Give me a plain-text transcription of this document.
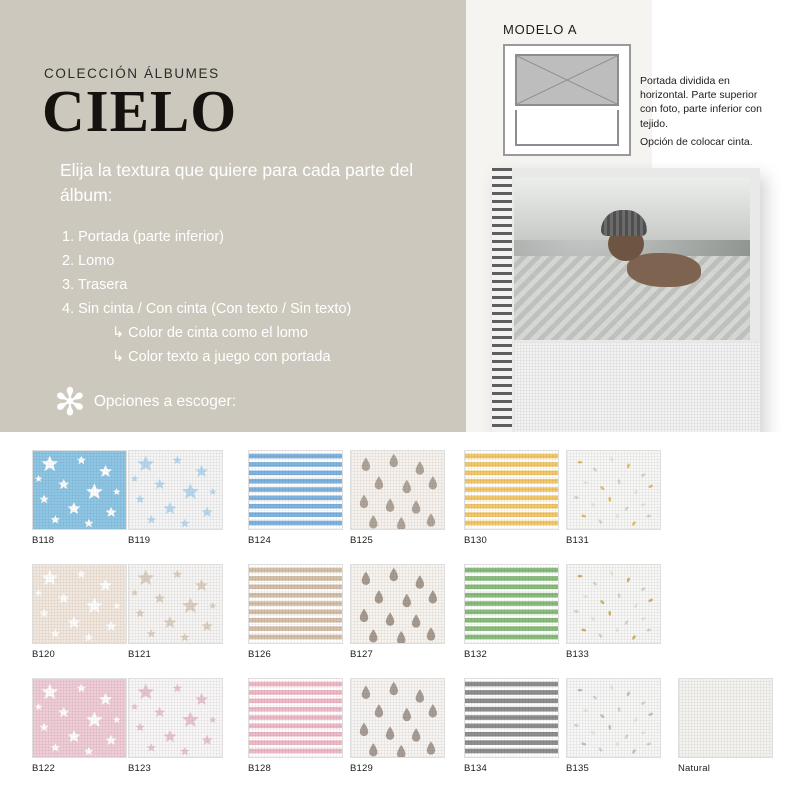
COLECCIÓN ÁLBUMES
CIELO
Elija la textura que quiere para cada parte del álbum:
1. Portada (parte inferior)
2. Lomo
3. Trasera
4. Sin cinta / Con cinta (Con texto / Sin texto)
↳ Color de cinta como el lomo
↳ Color texto a juego con portada
✻ Opciones a escoger:
MODELO A
Portada dividida en horizontal. Parte superior con foto, parte inferior con tejido.
Opción de colocar cinta.
B118	B119	B124	B125	B130	B131
B120	B121	B126	B127	B132	B133
B122	B123	B128	B129	B134	B135	Natural
